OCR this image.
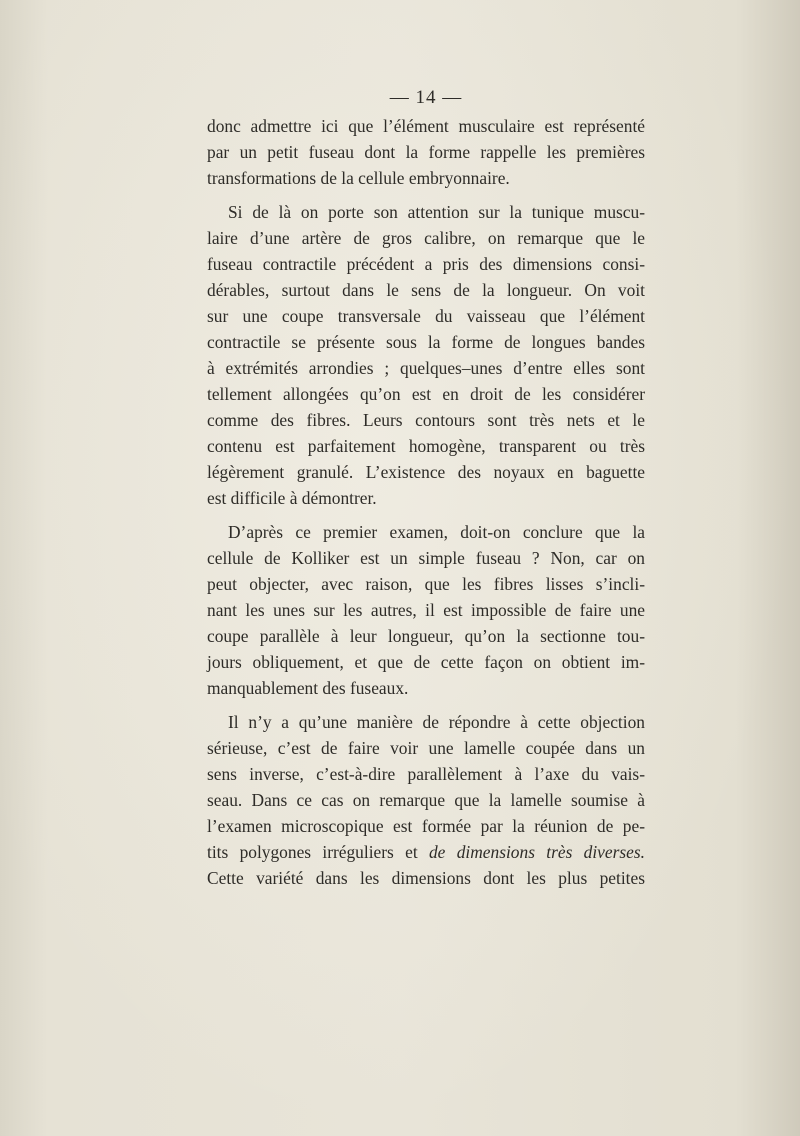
— 14 —
donc admettre ici que l’élément musculaire est représenté
par un petit fuseau dont la forme rappelle les premières
transformations de la cellule embryonnaire.
Si de là on porte son attention sur la tunique muscu-
laire d’une artère de gros calibre, on remarque que le
fuseau contractile précédent a pris des dimensions consi-
dérables, surtout dans le sens de la longueur. On voit
sur une coupe transversale du vaisseau que l’élément
contractile se présente sous la forme de longues bandes
à extrémités arrondies ; quelques–unes d’entre elles sont
tellement allongées qu’on est en droit de les considérer
comme des fibres. Leurs contours sont très nets et le
contenu est parfaitement homogène, transparent ou très
légèrement granulé. L’existence des noyaux en baguette
est difficile à démontrer.
D’après ce premier examen, doit-on conclure que la
cellule de Kolliker est un simple fuseau ? Non, car on
peut objecter, avec raison, que les fibres lisses s’incli-
nant les unes sur les autres, il est impossible de faire une
coupe parallèle à leur longueur, qu’on la sectionne tou-
jours obliquement, et que de cette façon on obtient im-
manquablement des fuseaux.
Il n’y a qu’une manière de répondre à cette objection
sérieuse, c’est de faire voir une lamelle coupée dans un
sens inverse, c’est-à-dire parallèlement à l’axe du vais-
seau. Dans ce cas on remarque que la lamelle soumise à
l’examen microscopique est formée par la réunion de pe-
tits polygones irréguliers et de dimensions très diverses.
Cette variété dans les dimensions dont les plus petites
